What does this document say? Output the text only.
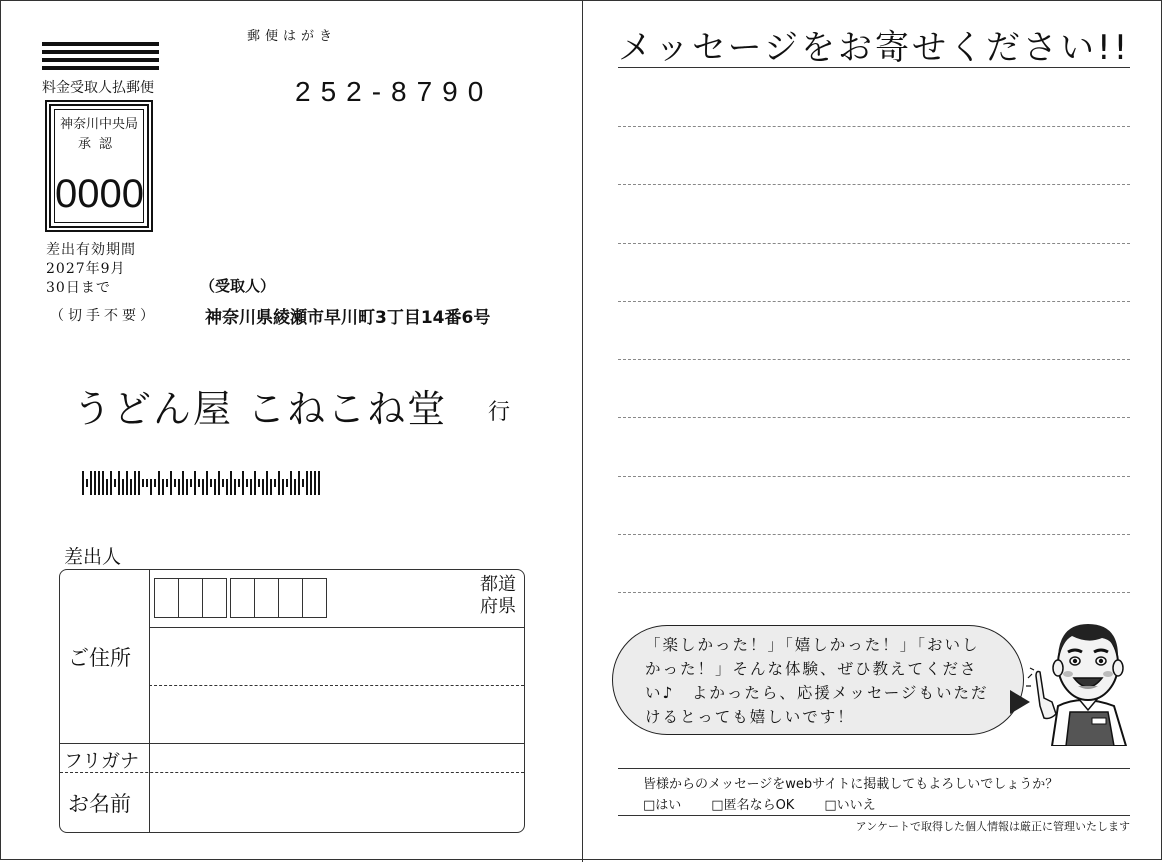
郵便はがき
料金受取人払郵便
神奈川中央局
承認
0000
252-8790
差出有効期間
2027年9月
30日まで
（切手不要）
（受取人）
神奈川県綾瀬市早川町3丁目14番6号
うどん屋 こねこね堂 行
差出人
都道
府県
ご住所
フリガナ
お名前
メッセージをお寄せください!!
「楽しかった！」「嬉しかった！」「おいしかった！」そんな体験、ぜひ教えてください♪　よかったら、応援メッセージもいただけるとっても嬉しいです！
皆様からのメッセージをwebサイトに掲載してもよろしいでしょうか？
□はい □匿名ならOK □いいえ
アンケートで取得した個人情報は厳正に管理いたします
